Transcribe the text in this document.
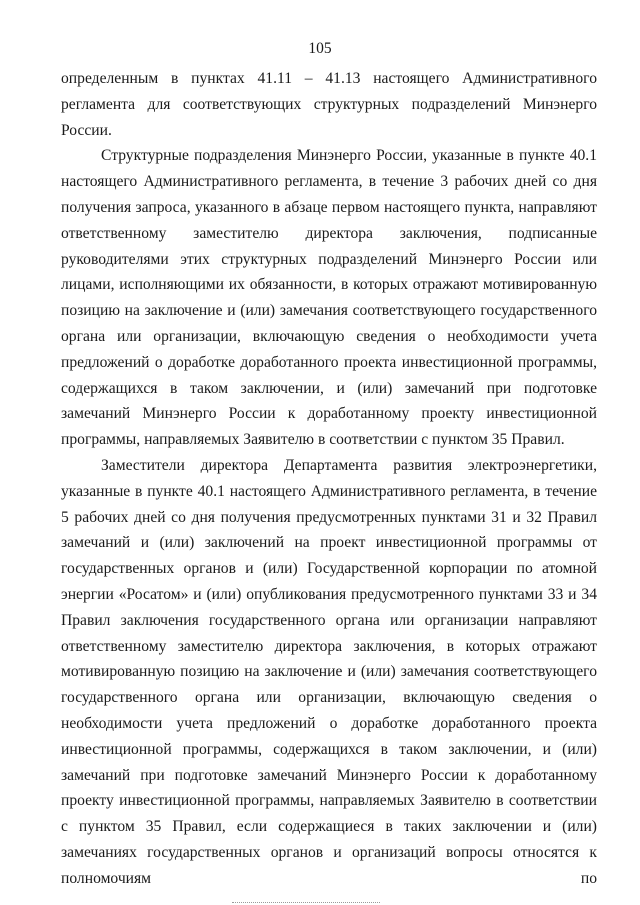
105

определенным в пунктах 41.11 – 41.13 настоящего Административного регламента для соответствующих структурных подразделений Минэнерго России.

Структурные подразделения Минэнерго России, указанные в пункте 40.1 настоящего Административного регламента, в течение 3 рабочих дней со дня получения запроса, указанного в абзаце первом настоящего пункта, направляют ответственному заместителю директора заключения, подписанные руководителями этих структурных подразделений Минэнерго России или лицами, исполняющими их обязанности, в которых отражают мотивированную позицию на заключение и (или) замечания соответствующего государственного органа или организации, включающую сведения о необходимости учета предложений о доработке доработанного проекта инвестиционной программы, содержащихся в таком заключении, и (или) замечаний при подготовке замечаний Минэнерго России к доработанному проекту инвестиционной программы, направляемых Заявителю в соответствии с пунктом 35 Правил.

Заместители директора Департамента развития электроэнергетики, указанные в пункте 40.1 настоящего Административного регламента, в течение 5 рабочих дней со дня получения предусмотренных пунктами 31 и 32 Правил замечаний и (или) заключений на проект инвестиционной программы от государственных органов и (или) Государственной корпорации по атомной энергии «Росатом» и (или) опубликования предусмотренного пунктами 33 и 34 Правил заключения государственного органа или организации направляют ответственному заместителю директора заключения, в которых отражают мотивированную позицию на заключение и (или) замечания соответствующего государственного органа или организации, включающую сведения о необходимости учета предложений о доработке доработанного проекта инвестиционной программы, содержащихся в таком заключении, и (или) замечаний при подготовке замечаний Минэнерго России к доработанному проекту инвестиционной программы, направляемых Заявителю в соответствии с пунктом 35 Правил, если содержащиеся в таких заключении и (или) замечаниях государственных органов и организаций вопросы относятся к полномочиям по
